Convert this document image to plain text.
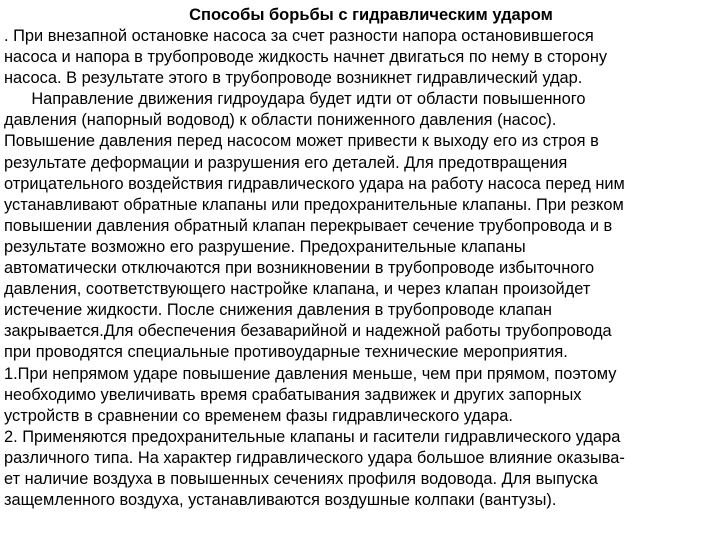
Способы борьбы с гидравлическим ударом
. При внезапной остановке насоса за счет разности напора остановившегося
насоса и напора в трубопроводе жидкость начнет двигаться по нему в сторону
насоса. В результате этого в трубопроводе возникнет гидравлический удар.
Направление движения гидроудара будет идти от области повышенного
давления (напорный водовод) к области пониженного давления (насос).
Повышение давления перед насосом может привести к выходу его из строя в
результате деформации и разрушения его деталей. Для предотвращения
отрицательного воздействия гидравлического удара на работу насоса перед ним
устанавливают обратные клапаны или предохранительные клапаны. При резком
повышении давления обратный клапан перекрывает сечение трубопровода и в
результате возможно его разрушение. Предохранительные клапаны
автоматически отключаются при возникновении в трубопроводе избыточного
давления, соответствующего настройке клапана, и через клапан произойдет
истечение жидкости. После снижения давления в трубопроводе клапан
закрывается.Для обеспечения безаварийной и надежной работы трубопровода
при проводятся специальные противоударные технические мероприятия.
1.При непрямом ударе повышение давления меньше, чем при прямом, поэтому
необходимо увеличивать время срабатывания задвижек и других запорных
устройств в сравнении со временем фазы гидравлического удара.
2. Применяются предохранительные клапаны и гасители гидравлического удара
различного типа. На характер гидравлического удара большое влияние оказыва-
ет наличие воздуха в повышенных сечениях профиля водовода. Для выпуска
защемленного воздуха, устанавливаются воздушные колпаки (вантузы).
